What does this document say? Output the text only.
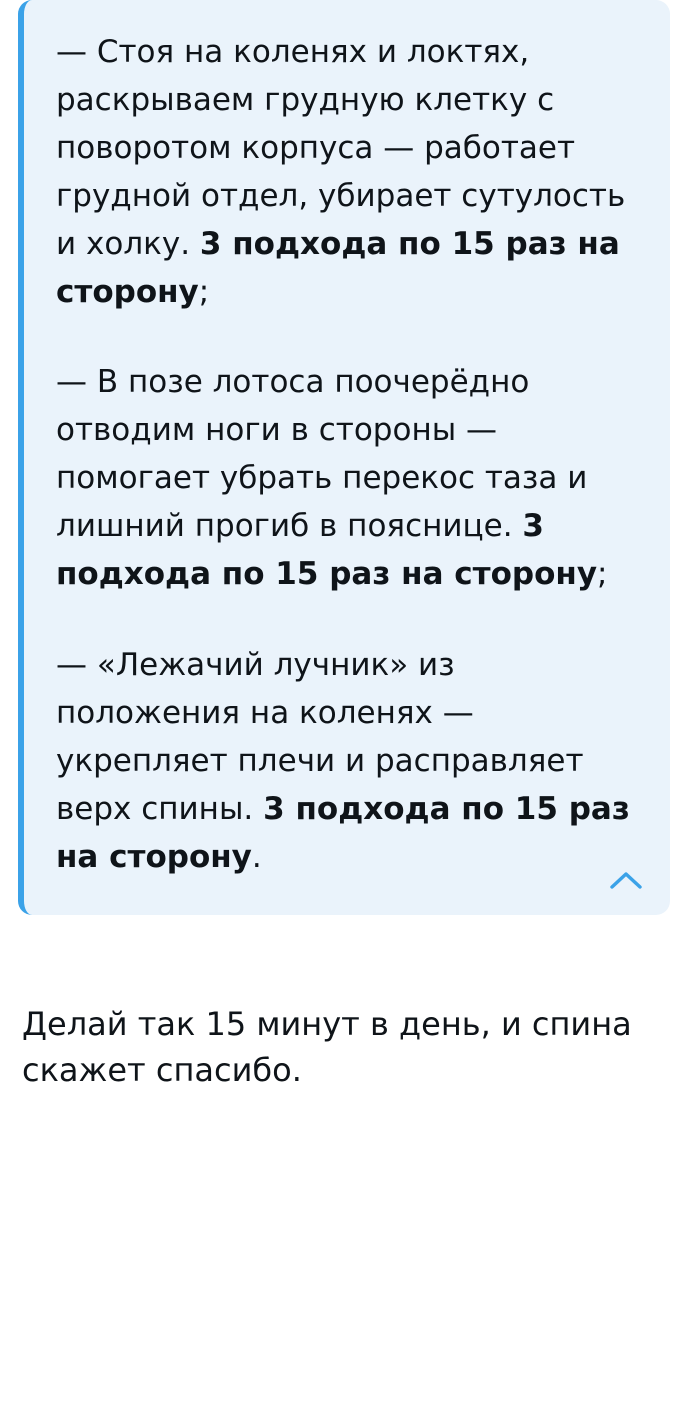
— Стоя на коленях и локтях, раскрываем грудную клетку с поворотом корпуса — работает грудной отдел, убирает сутулость и холку. 3 подхода по 15 раз на сторону;

— В позе лотоса поочерёдно отводим ноги в стороны — помогает убрать перекос таза и лишний прогиб в пояснице. 3 подхода по 15 раз на сторону;

— «Лежачий лучник» из положения на коленях — укрепляет плечи и расправляет верх спины. 3 подхода по 15 раз на сторону.

Делай так 15 минут в день, и спина скажет спасибо.
